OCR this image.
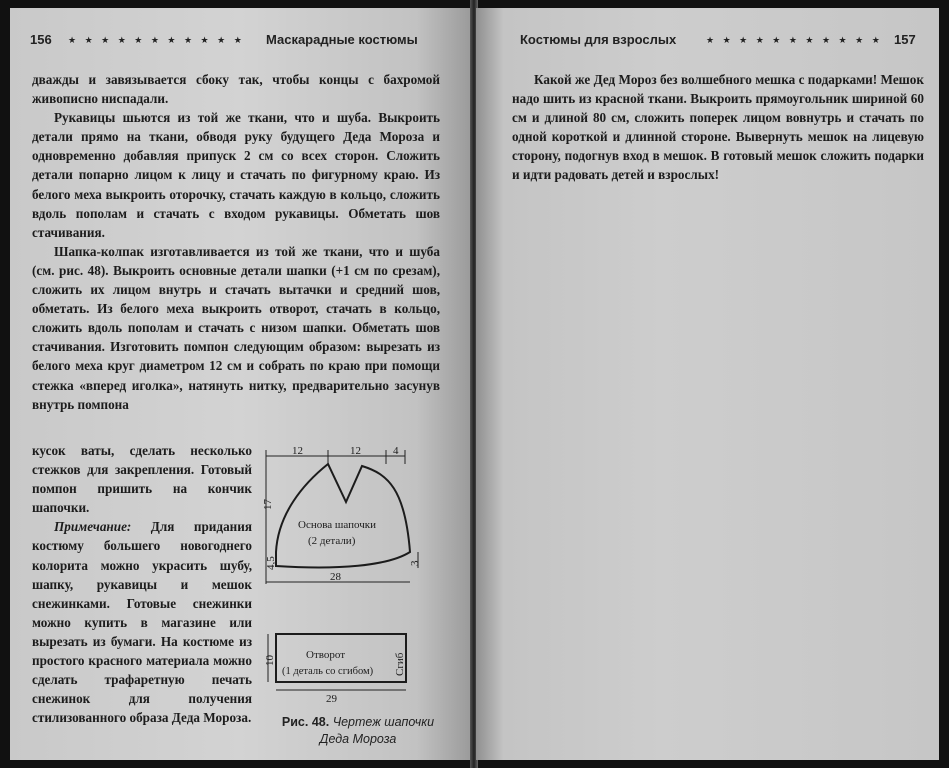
156 ★ ★ ★ ★ ★ ★ ★ ★ ★ ★ ★ Маскарадные костюмы

дважды и завязывается сбоку так, чтобы концы с бахромой живописно ниспадали.

Рукавицы шьются из той же ткани, что и шуба. Выкроить детали прямо на ткани, обводя руку будущего Деда Мороза и одновременно добавляя припуск 2 см со всех сторон. Сложить детали попарно лицом к лицу и стачать по фигурному краю. Из белого меха выкроить оторочку, стачать каждую в кольцо, сложить вдоль пополам и стачать с входом рукавицы. Обметать шов стачивания.

Шапка-колпак изготавливается из той же ткани, что и шуба (см. рис. 48). Выкроить основные детали шапки (+1 см по срезам), сложить их лицом внутрь и стачать вытачки и средний шов, обметать. Из белого меха выкроить отворот, стачать в кольцо, сложить вдоль пополам и стачать с низом шапки. Обметать шов стачивания. Изготовить помпон следующим образом: вырезать из белого меха круг диаметром 12 см и собрать по краю при помощи стежка «вперед иголка», натянуть нитку, предварительно засунув внутрь помпона

кусок ваты, сделать несколько стежков для закрепления. Готовый помпон пришить на кончик шапочки.

Примечание: Для придания костюму большего новогоднего колорита можно украсить шубу, шапку, рукавицы и мешок снежинками. Готовые снежинки можно купить в магазине или вырезать из бумаги. На костюме из простого красного материала можно сделать трафаретную печать снежинок для получения стилизованного образа Деда Мороза.

12	12	4
17
4,5	3
Основа шапочки
(2 детали)
28
10	Отворот
(1 деталь со сгибом) Сгиб
29
Рис. 48. Чертеж шапочки Деда Мороза
Костюмы для взрослых	★ ★ ★ ★ ★ ★ ★ ★ ★ ★ ★ 157

Какой же Дед Мороз без волшебного мешка с подарками! Мешок надо шить из красной ткани. Выкроить прямоугольник шириной 60 см и длиной 80 см, сложить поперек лицом вовнутрь и стачать по одной короткой и длинной стороне. Вывернуть мешок на лицевую сторону, подогнув вход в мешок. В готовый мешок сложить подарки и идти радовать детей и взрослых!
